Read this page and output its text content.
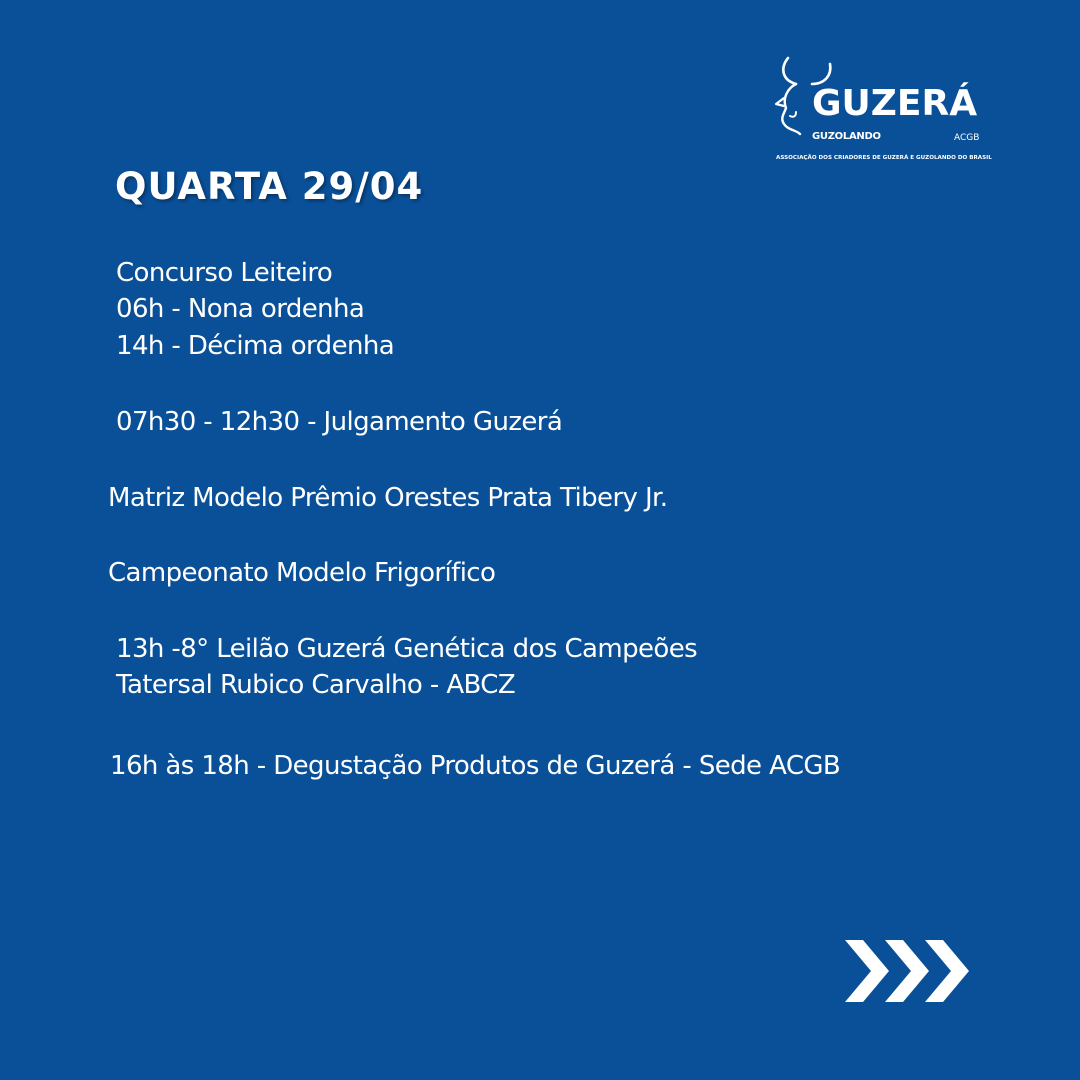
GUZERÁ
GUZOLANDO	ACGB
ASSOCIAÇÃO DOS CRIADORES DE GUZERÁ E GUZOLANDO DO BRASIL
QUARTA 29/04
Concurso Leiteiro
06h - Nona ordenha
14h - Décima ordenha
07h30 - 12h30 - Julgamento Guzerá
Matriz Modelo Prêmio Orestes Prata Tibery Jr.
Campeonato Modelo Frigorífico
13h -8° Leilão Guzerá Genética dos Campeões
Tatersal Rubico Carvalho - ABCZ
16h às 18h - Degustação Produtos de Guzerá - Sede ACGB
